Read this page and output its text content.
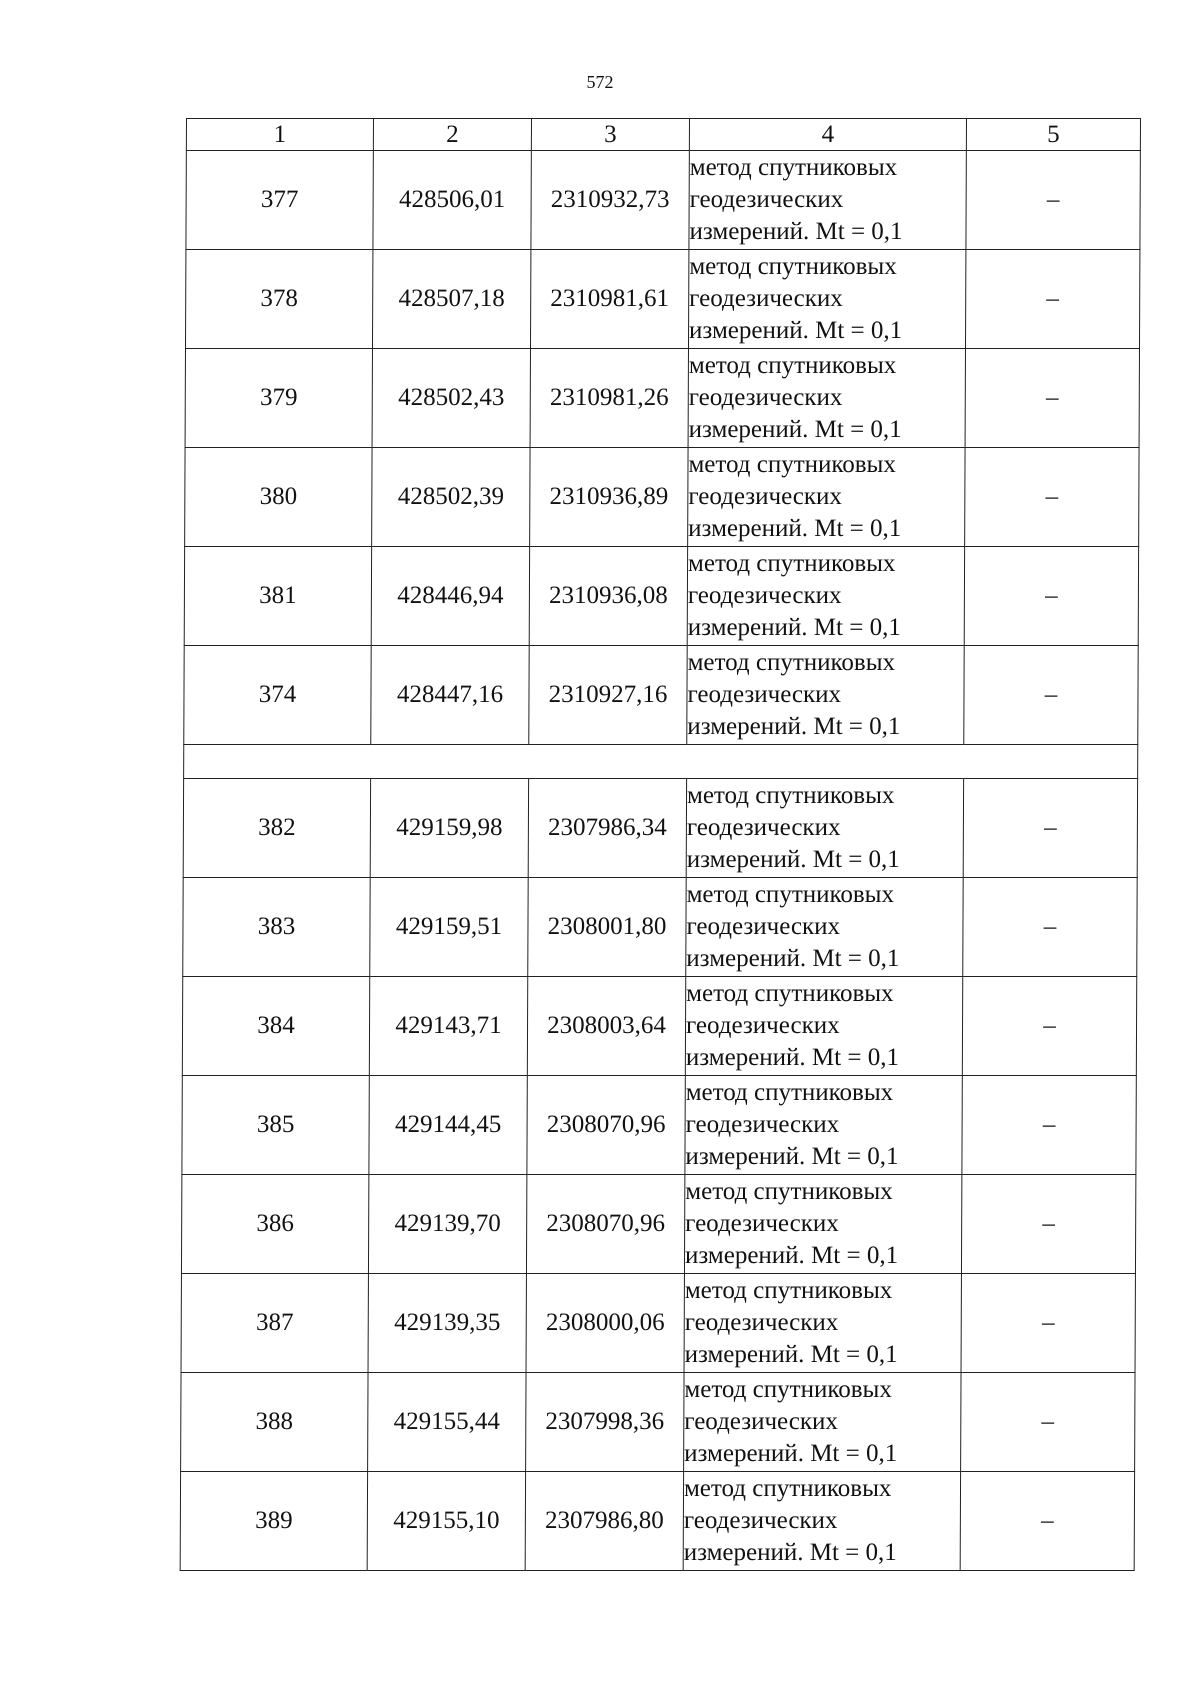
572
1	2	3	4	5
377	428506,01	2310932,73	метод спутниковых
геодезических
измерений. Mt = 0,1	–
378	428507,18	2310981,61	метод спутниковых
геодезических
измерений. Mt = 0,1	–
379	428502,43	2310981,26	метод спутниковых
геодезических
измерений. Mt = 0,1	–
380	428502,39	2310936,89	метод спутниковых
геодезических
измерений. Mt = 0,1	–
381	428446,94	2310936,08	метод спутниковых
геодезических
измерений. Mt = 0,1	–
374	428447,16	2310927,16	метод спутниковых
геодезических
измерений. Mt = 0,1	–

382	429159,98	2307986,34	метод спутниковых
геодезических
измерений. Mt = 0,1	–
383	429159,51	2308001,80	метод спутниковых
геодезических
измерений. Mt = 0,1	–
384	429143,71	2308003,64	метод спутниковых
геодезических
измерений. Mt = 0,1	–
385	429144,45	2308070,96	метод спутниковых
геодезических
измерений. Mt = 0,1	–
386	429139,70	2308070,96	метод спутниковых
геодезических
измерений. Mt = 0,1	–
387	429139,35	2308000,06	метод спутниковых
геодезических
измерений. Mt = 0,1	–
388	429155,44	2307998,36	метод спутниковых
геодезических
измерений. Mt = 0,1	–
389	429155,10	2307986,80	метод спутниковых
геодезических
измерений. Mt = 0,1	–
